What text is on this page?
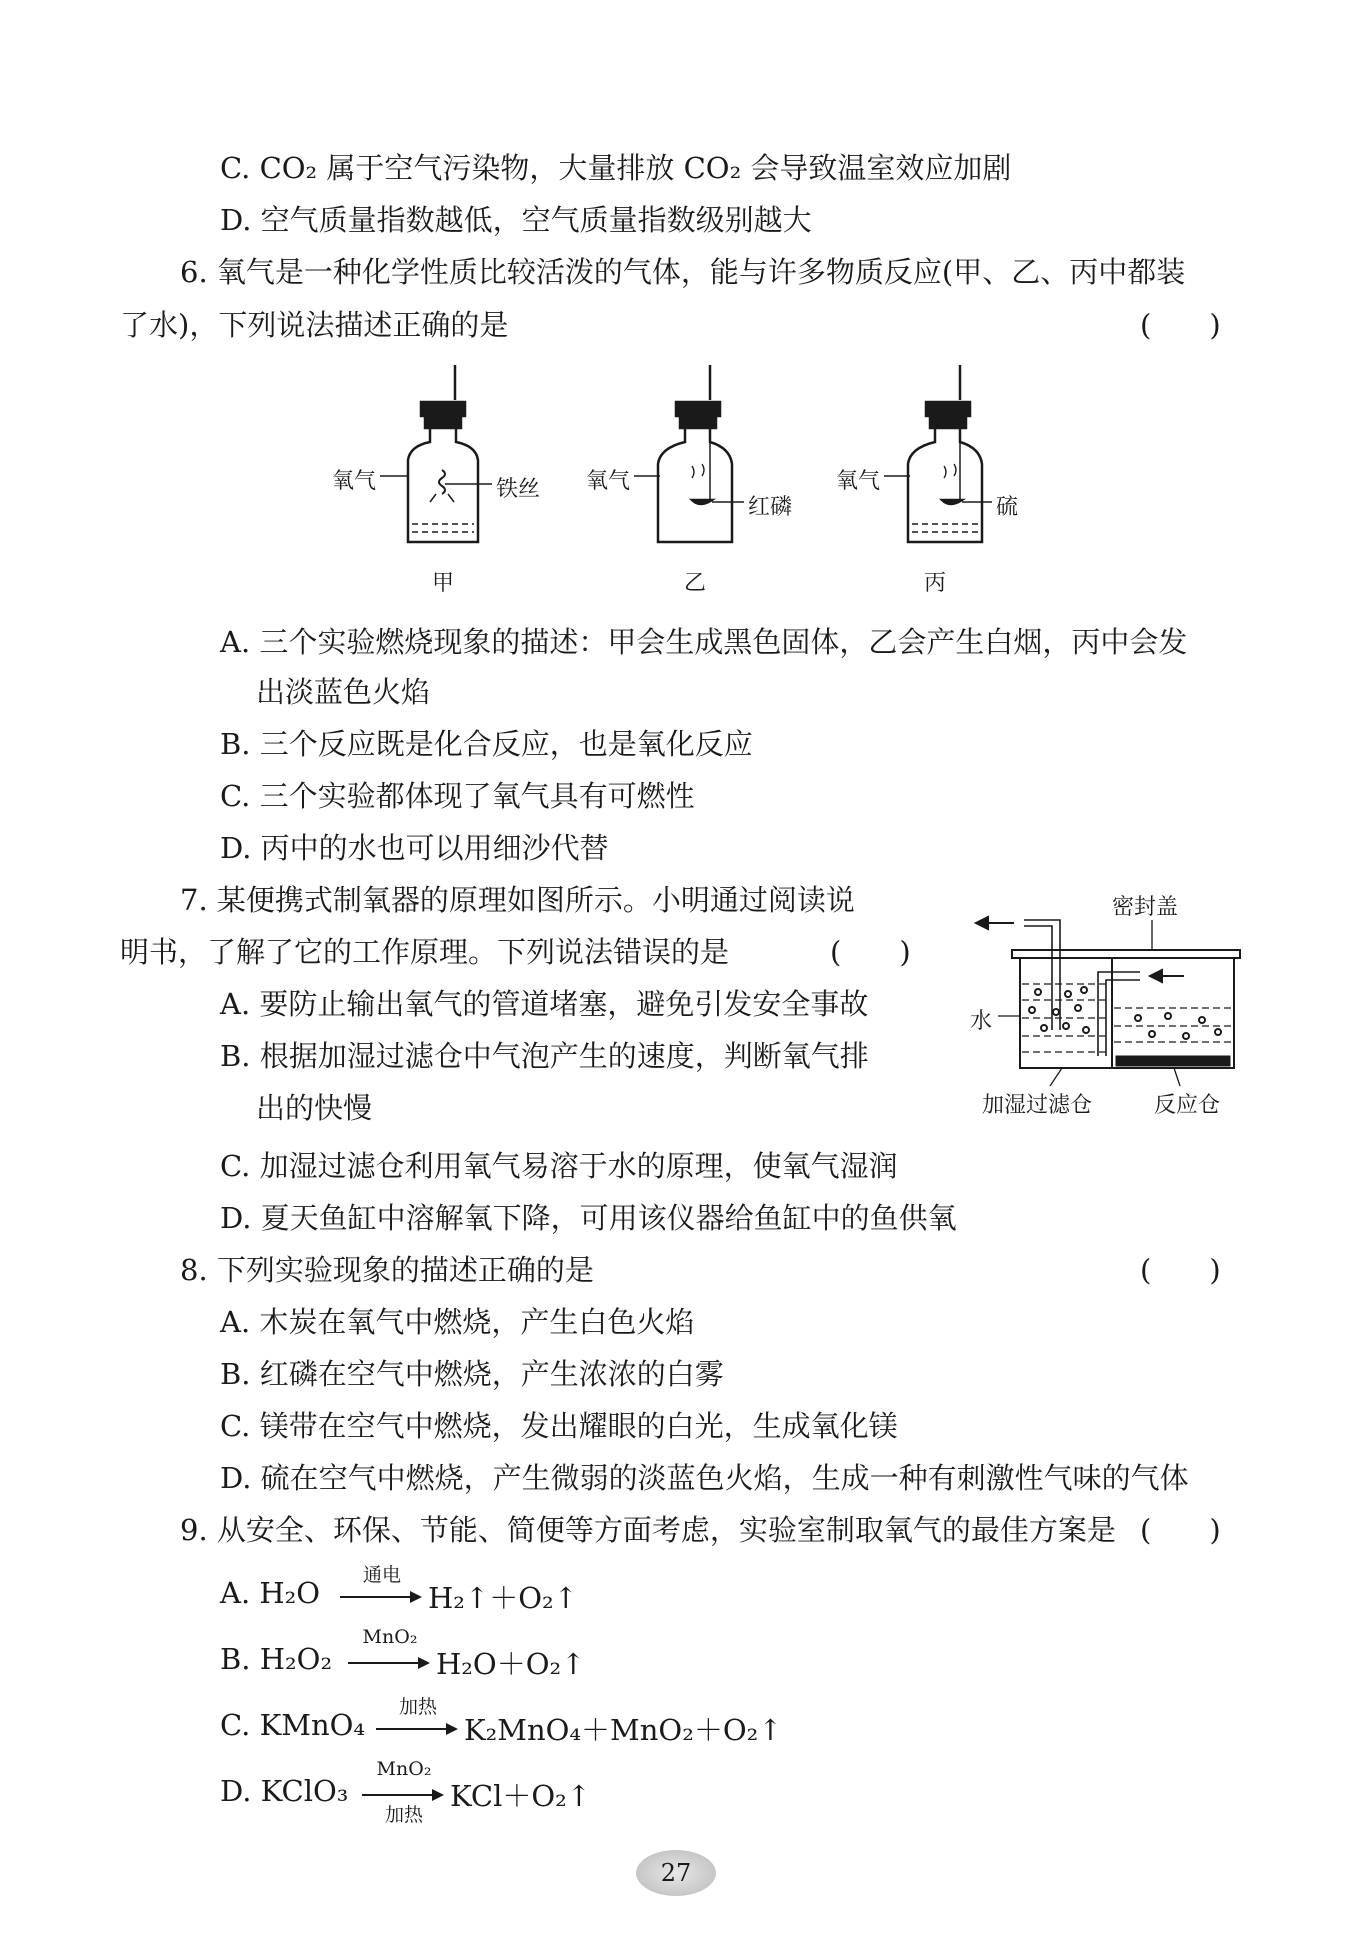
C. CO₂ 属于空气污染物，大量排放 CO₂ 会导致温室效应加剧
D. 空气质量指数越低，空气质量指数级别越大
6. 氧气是一种化学性质比较活泼的气体，能与许多物质反应(甲、乙、丙中都装
了水)，下列说法描述正确的是	(　　)
氧气	铁丝 氧气
红磷
氧气
硫
甲	乙	丙
A. 三个实验燃烧现象的描述：甲会生成黑色固体，乙会产生白烟，丙中会发
出淡蓝色火焰
B. 三个反应既是化合反应，也是氧化反应
C. 三个实验都体现了氧气具有可燃性
D. 丙中的水也可以用细沙代替
7. 某便携式制氧器的原理如图所示。小明通过阅读说
明书，了解了它的工作原理。下列说法错误的是	(　　)
密封盖
水
加湿过滤仓	反应仓
A. 要防止输出氧气的管道堵塞，避免引发安全事故
B. 根据加湿过滤仓中气泡产生的速度，判断氧气排
出的快慢
C. 加湿过滤仓利用氧气易溶于水的原理，使氧气湿润
D. 夏天鱼缸中溶解氧下降，可用该仪器给鱼缸中的鱼供氧
8. 下列实验现象的描述正确的是	(　　)
A. 木炭在氧气中燃烧，产生白色火焰
B. 红磷在空气中燃烧，产生浓浓的白雾
C. 镁带在空气中燃烧，发出耀眼的白光，生成氧化镁
D. 硫在空气中燃烧，产生微弱的淡蓝色火焰，生成一种有刺激性气味的气体
9. 从安全、环保、节能、简便等方面考虑，实验室制取氧气的最佳方案是 (　　)
A. H₂O
通电
H₂↑＋O₂↑
B. H₂O₂
MnO₂
H₂O＋O₂↑
C. KMnO₄
加热
K₂MnO₄＋MnO₂＋O₂↑
D. KClO₃
MnO₂
加热
KCl＋O₂↑
27
